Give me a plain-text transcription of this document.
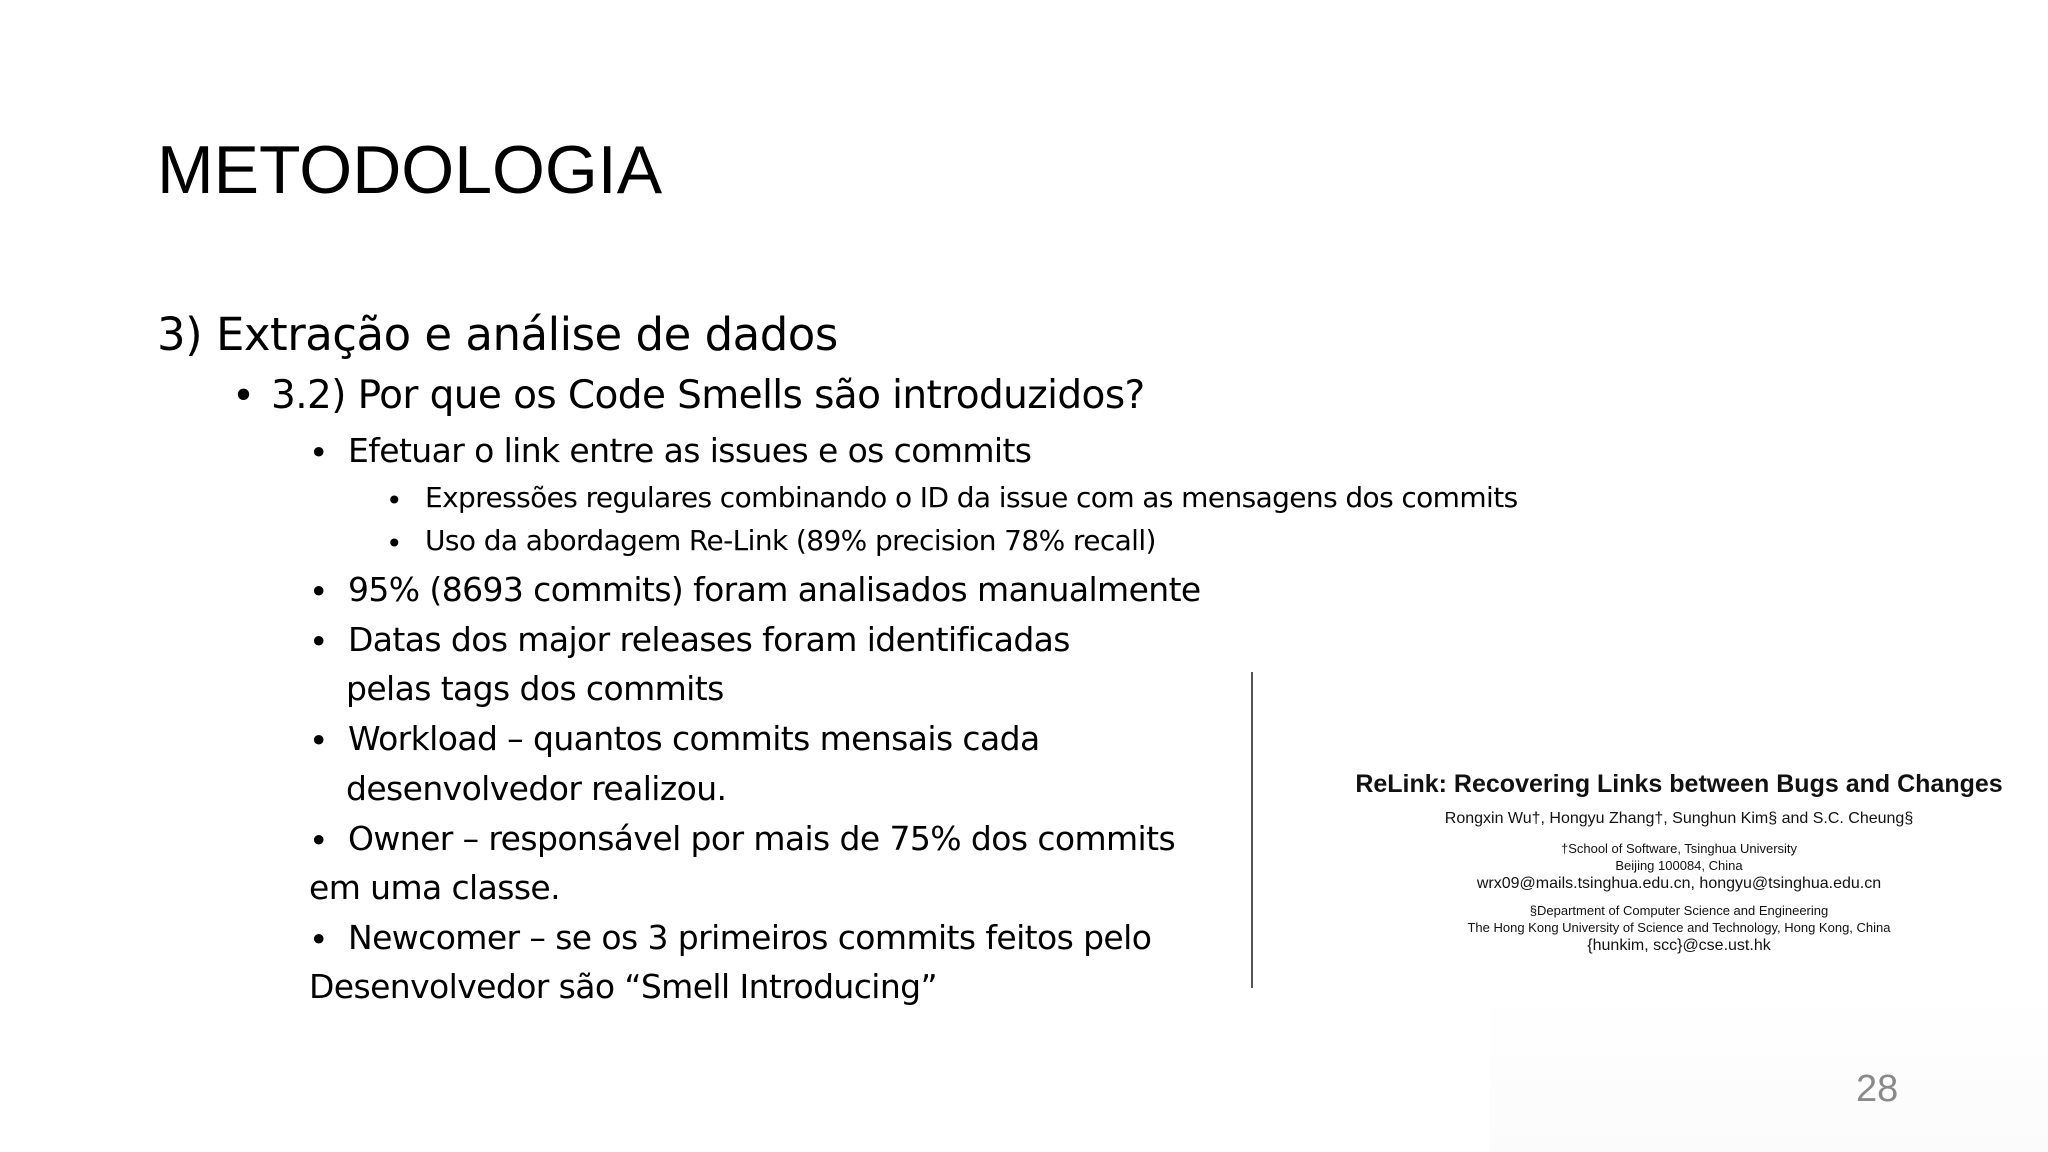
METODOLOGIA
3) Extração e análise de dados
• 3.2) Por que os Code Smells são introduzidos?
• Efetuar o link entre as issues e os commits
• Expressões regulares combinando o ID da issue com as mensagens dos commits
• Uso da abordagem Re-Link (89% precision 78% recall)
• 95% (8693 commits) foram analisados manualmente
• Datas dos major releases foram identificadas
pelas tags dos commits
• Workload – quantos commits mensais cada
desenvolvedor realizou.
• Owner – responsável por mais de 75% dos commits
em uma classe.
• Newcomer – se os 3 primeiros commits feitos pelo
Desenvolvedor são “Smell Introducing”
ReLink: Recovering Links between Bugs and Changes
Rongxin Wu†, Hongyu Zhang†, Sunghun Kim§ and S.C. Cheung§
†School of Software, Tsinghua University
Beijing 100084, China
wrx09@mails.tsinghua.edu.cn, hongyu@tsinghua.edu.cn
§Department of Computer Science and Engineering
The Hong Kong University of Science and Technology, Hong Kong, China
{hunkim, scc}@cse.ust.hk
28
